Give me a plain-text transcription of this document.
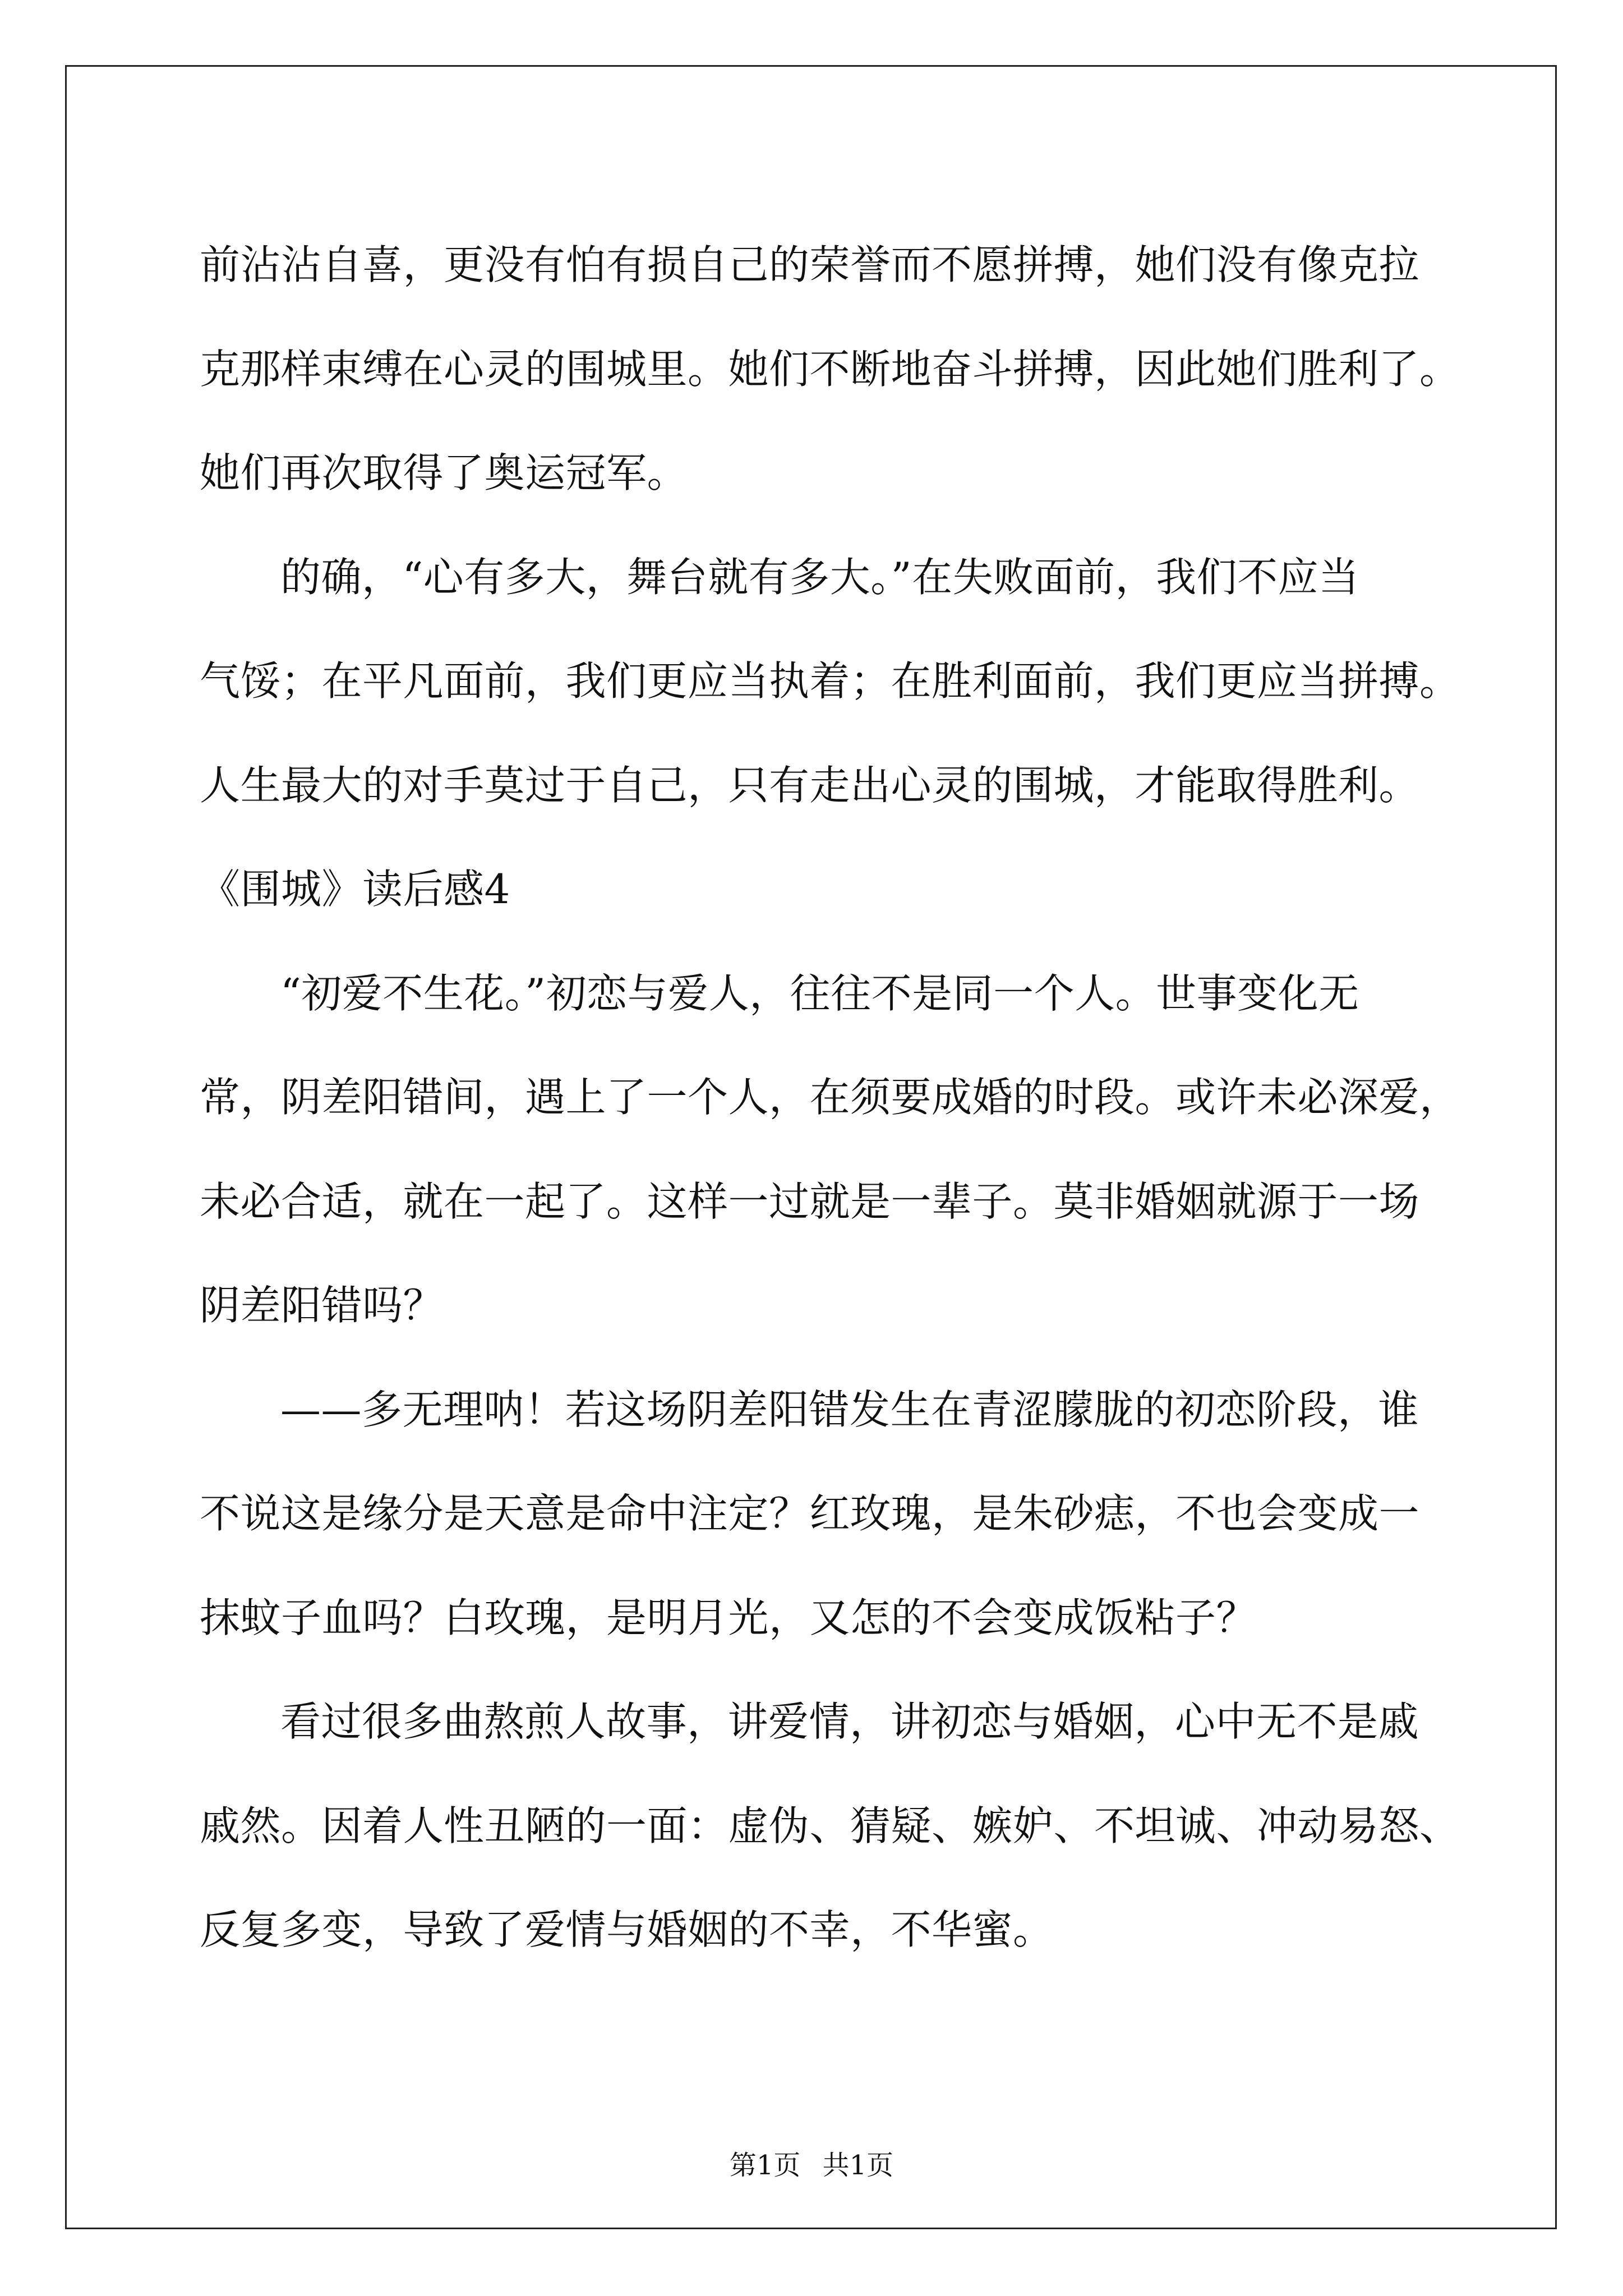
前沾沾自喜，更没有怕有损自己的荣誉而不愿拼搏，她们没有像克拉
克那样束缚在心灵的围城里。她们不断地奋斗拼搏，因此她们胜利了。
她们再次取得了奥运冠军。
的确，“心有多大，舞台就有多大。”在失败面前，我们不应当
气馁；在平凡面前，我们更应当执着；在胜利面前，我们更应当拼搏。
人生最大的对手莫过于自己，只有走出心灵的围城，才能取得胜利。
《围城》读后感4
“初爱不生花。”初恋与爱人，往往不是同一个人。世事变化无
常，阴差阳错间，遇上了一个人，在须要成婚的时段。或许未必深爱，
未必合适，就在一起了。这样一过就是一辈子。莫非婚姻就源于一场
阴差阳错吗？
——多无理呐！若这场阴差阳错发生在青涩朦胧的初恋阶段，谁
不说这是缘分是天意是命中注定？红玫瑰，是朱砂痣，不也会变成一
抹蚊子血吗？白玫瑰，是明月光，又怎的不会变成饭粘子？
看过很多曲熬煎人故事，讲爱情，讲初恋与婚姻，心中无不是戚
戚然。因着人性丑陋的一面：虚伪、猜疑、嫉妒、不坦诚、冲动易怒、
反复多变，导致了爱情与婚姻的不幸，不华蜜。
第1页 共1页
